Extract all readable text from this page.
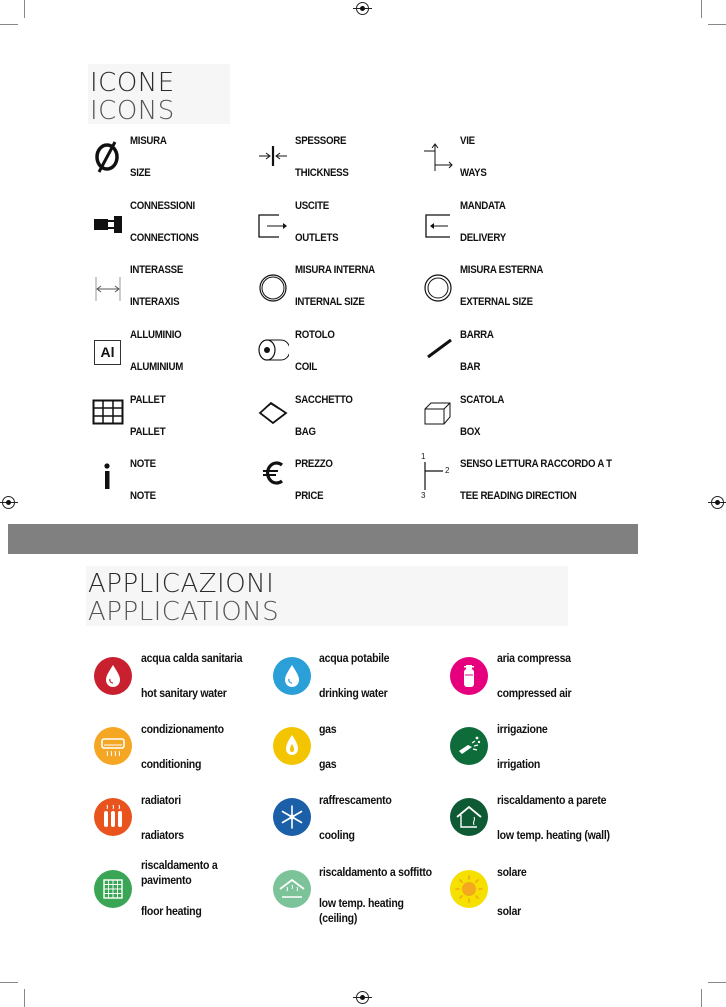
ICONE
ICONS
MISURA
SIZE
SPESSORE
THICKNESS
VIE
WAYS
CONNESSIONI
CONNECTIONS
USCITE
OUTLETS
MANDATA
DELIVERY
INTERASSE
INTERAXIS
MISURA INTERNA
INTERNAL SIZE
MISURA ESTERNA
EXTERNAL SIZE
Al
ALLUMINIO
ALUMINIUM
ROTOLO
COIL
BARRA
BAR
PALLET
PALLET
SACCHETTO
BAG
SCATOLA
BOX
NOTE
NOTE
PREZZO
PRICE
1
2
3
SENSO LETTURA RACCORDO A T
TEE READING DIRECTION
APPLICAZIONI
APPLICATIONS
acqua calda sanitaria
hot sanitary water
acqua potabile
drinking water
aria compressa
compressed air
condizionamento
conditioning
gas
gas
irrigazione
irrigation
radiatori
radiators
raffrescamento
cooling
riscaldamento a parete
low temp. heating (wall)
riscaldamento a pavimento
floor heating
riscaldamento a soffitto
low temp. heating (ceiling)
solare
solar
